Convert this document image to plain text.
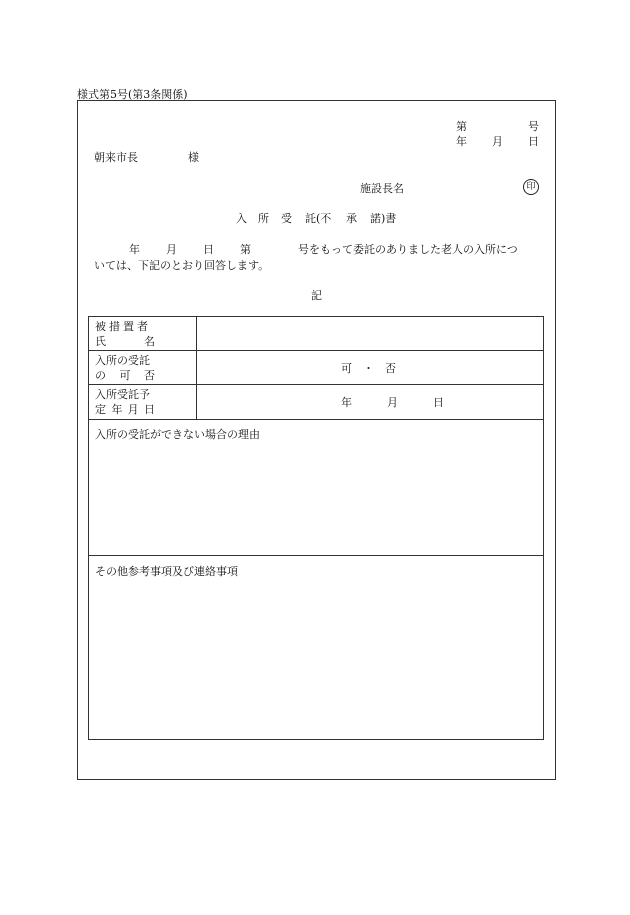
様式第5号(第3条関係)
第	号
年 月 日
朝来市長	様
施設長名	印
入 所 受 託(不 承 諾)書
年 月 日 第	号をもって委託のありました老人の入所につ
いては、下記のとおり回答します。
記
被措置者
氏 名	

入所の受託
の 可 否	可 ・ 否

入所受託予
定 年 月 日	年 月 日

入所の受託ができない場合の理由	
その他参考事項及び連絡事項	
